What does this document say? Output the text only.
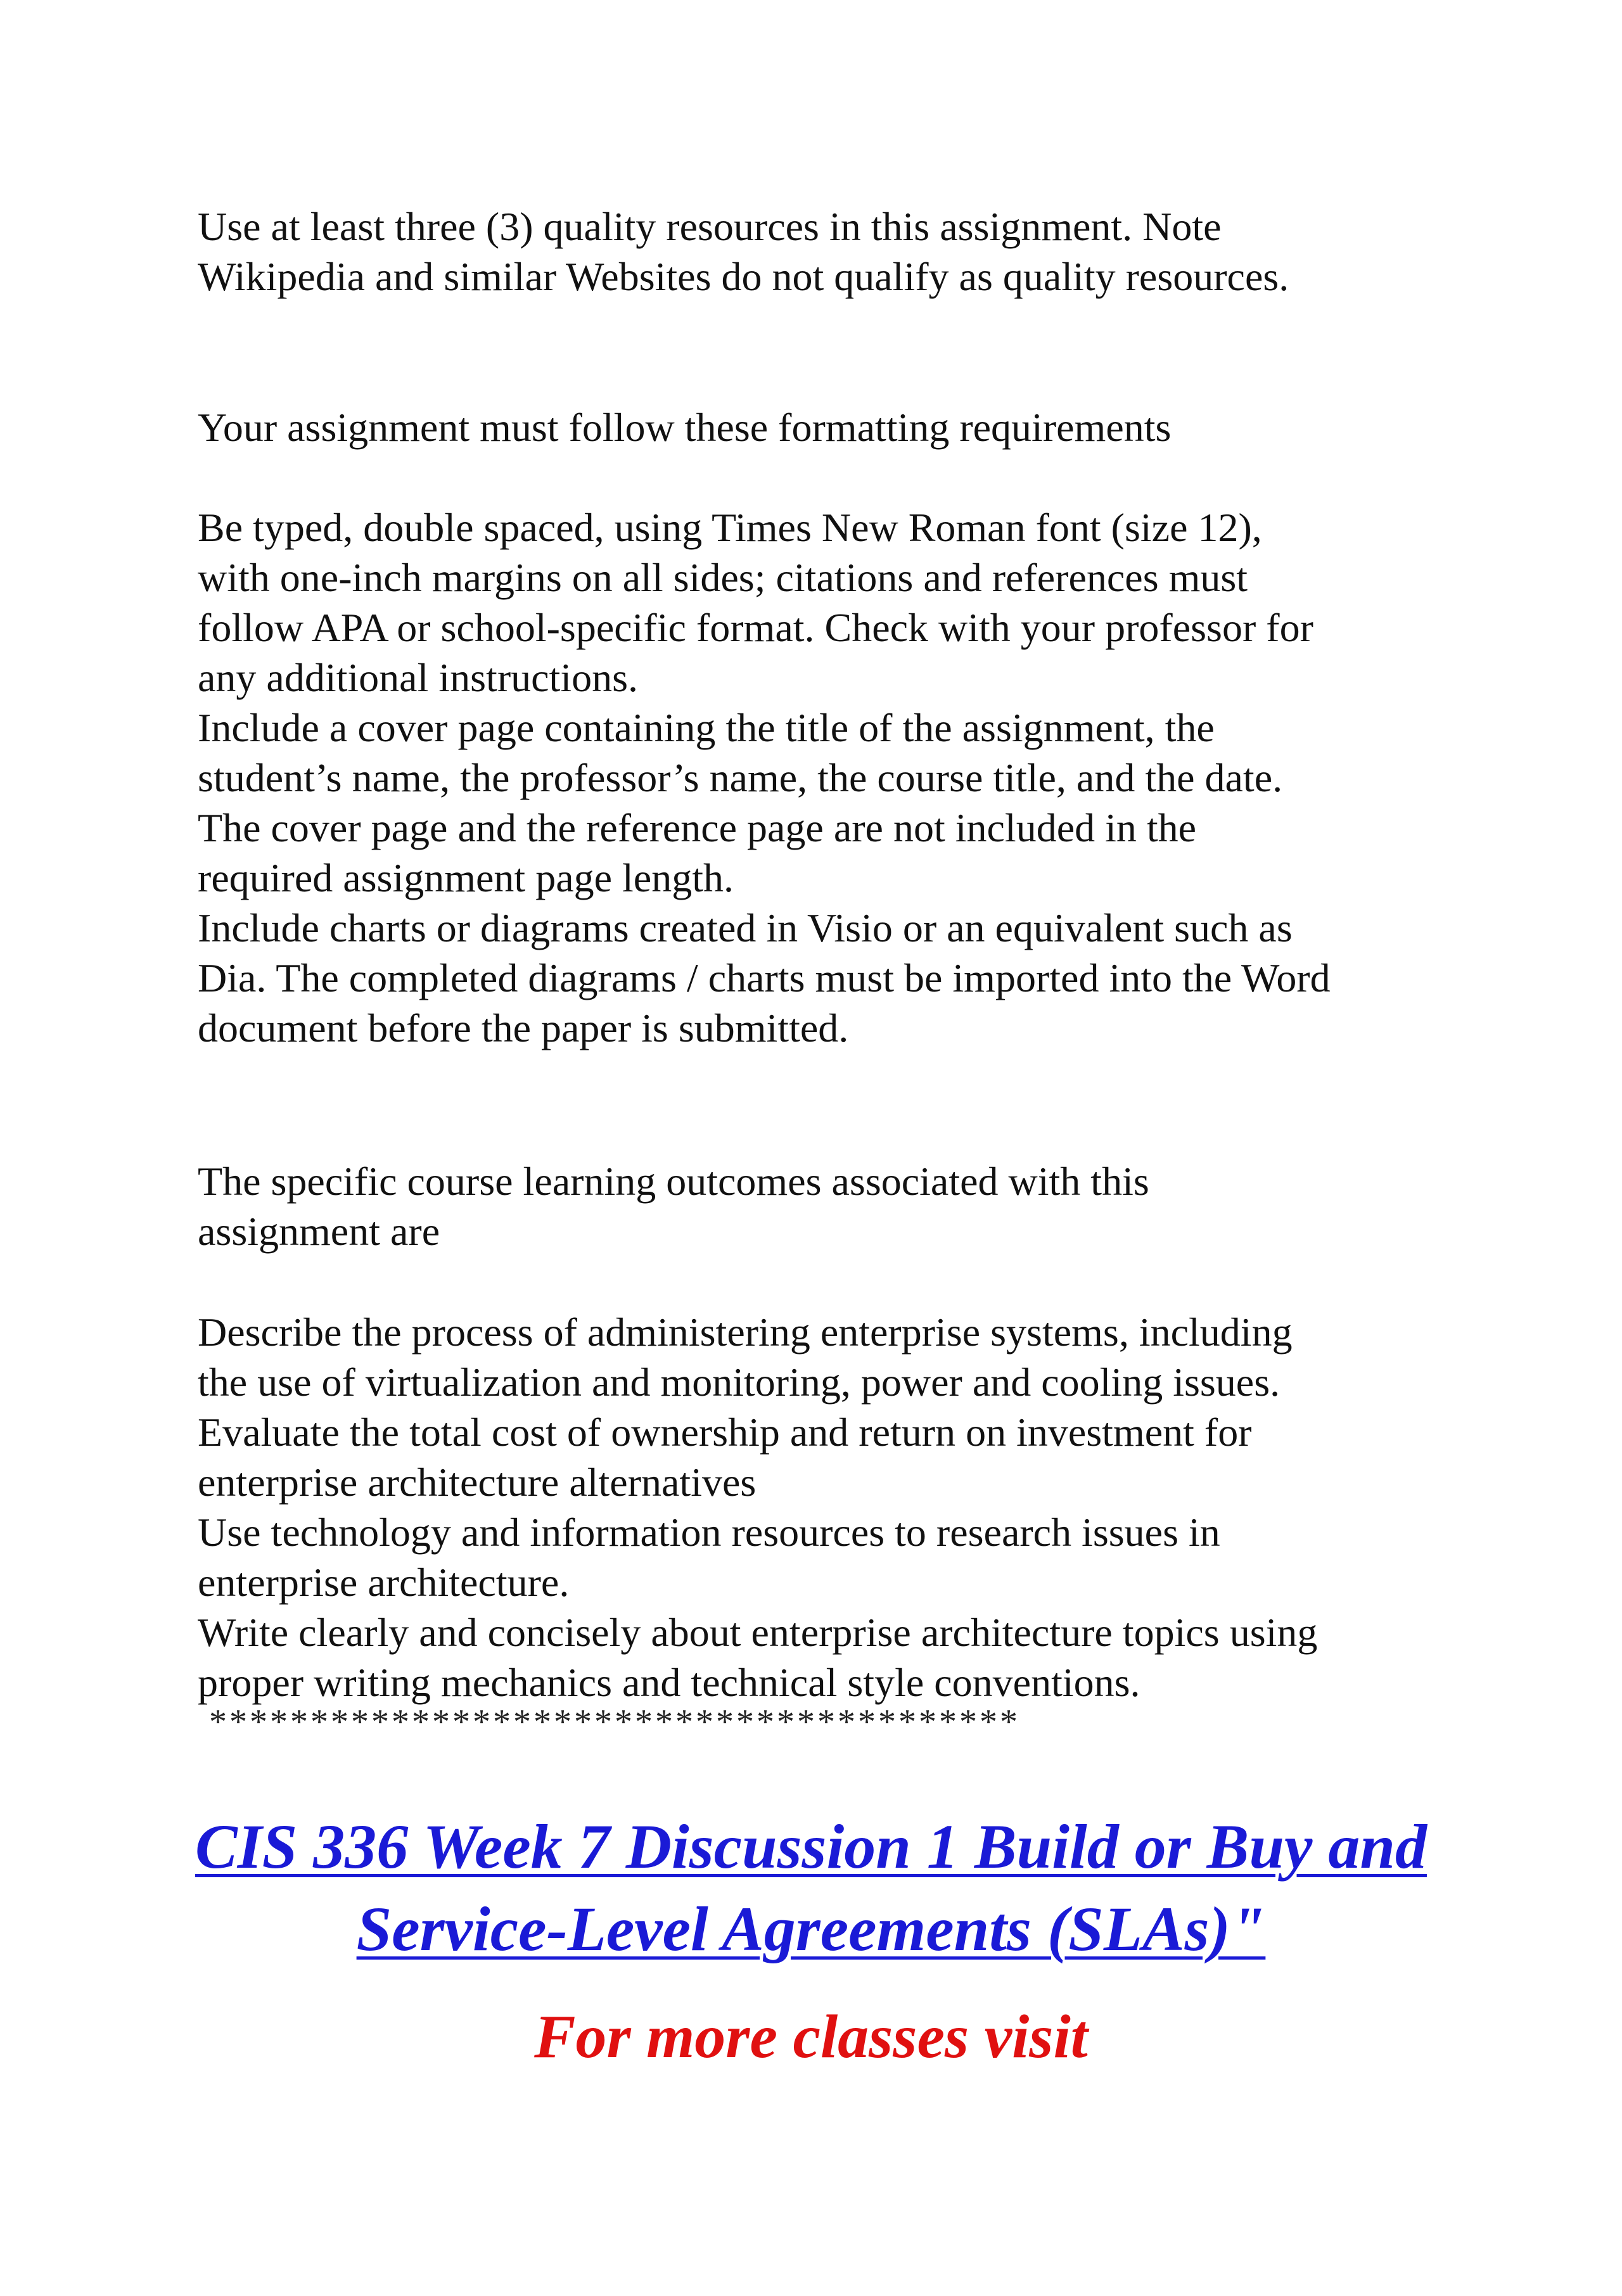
Use at least three (3) quality resources in this assignment. Note
Wikipedia and similar Websites do not qualify as quality resources.
Your assignment must follow these formatting requirements
Be typed, double spaced, using Times New Roman font (size 12),
with one-inch margins on all sides; citations and references must
follow APA or school-specific format. Check with your professor for
any additional instructions.
Include a cover page containing the title of the assignment, the
student’s name, the professor’s name, the course title, and the date.
The cover page and the reference page are not included in the
required assignment page length.
Include charts or diagrams created in Visio or an equivalent such as
Dia. The completed diagrams / charts must be imported into the Word
document before the paper is submitted.
The specific course learning outcomes associated with this
assignment are
Describe the process of administering enterprise systems, including
the use of virtualization and monitoring, power and cooling issues.
Evaluate the total cost of ownership and return on investment for
enterprise architecture alternatives
Use technology and information resources to research issues in
enterprise architecture.
Write clearly and concisely about enterprise architecture topics using
proper writing mechanics and technical style conventions.
****************************************
CIS 336 Week 7 Discussion 1 Build or Buy and
Service-Level Agreements (SLAs)"
For more classes visit
